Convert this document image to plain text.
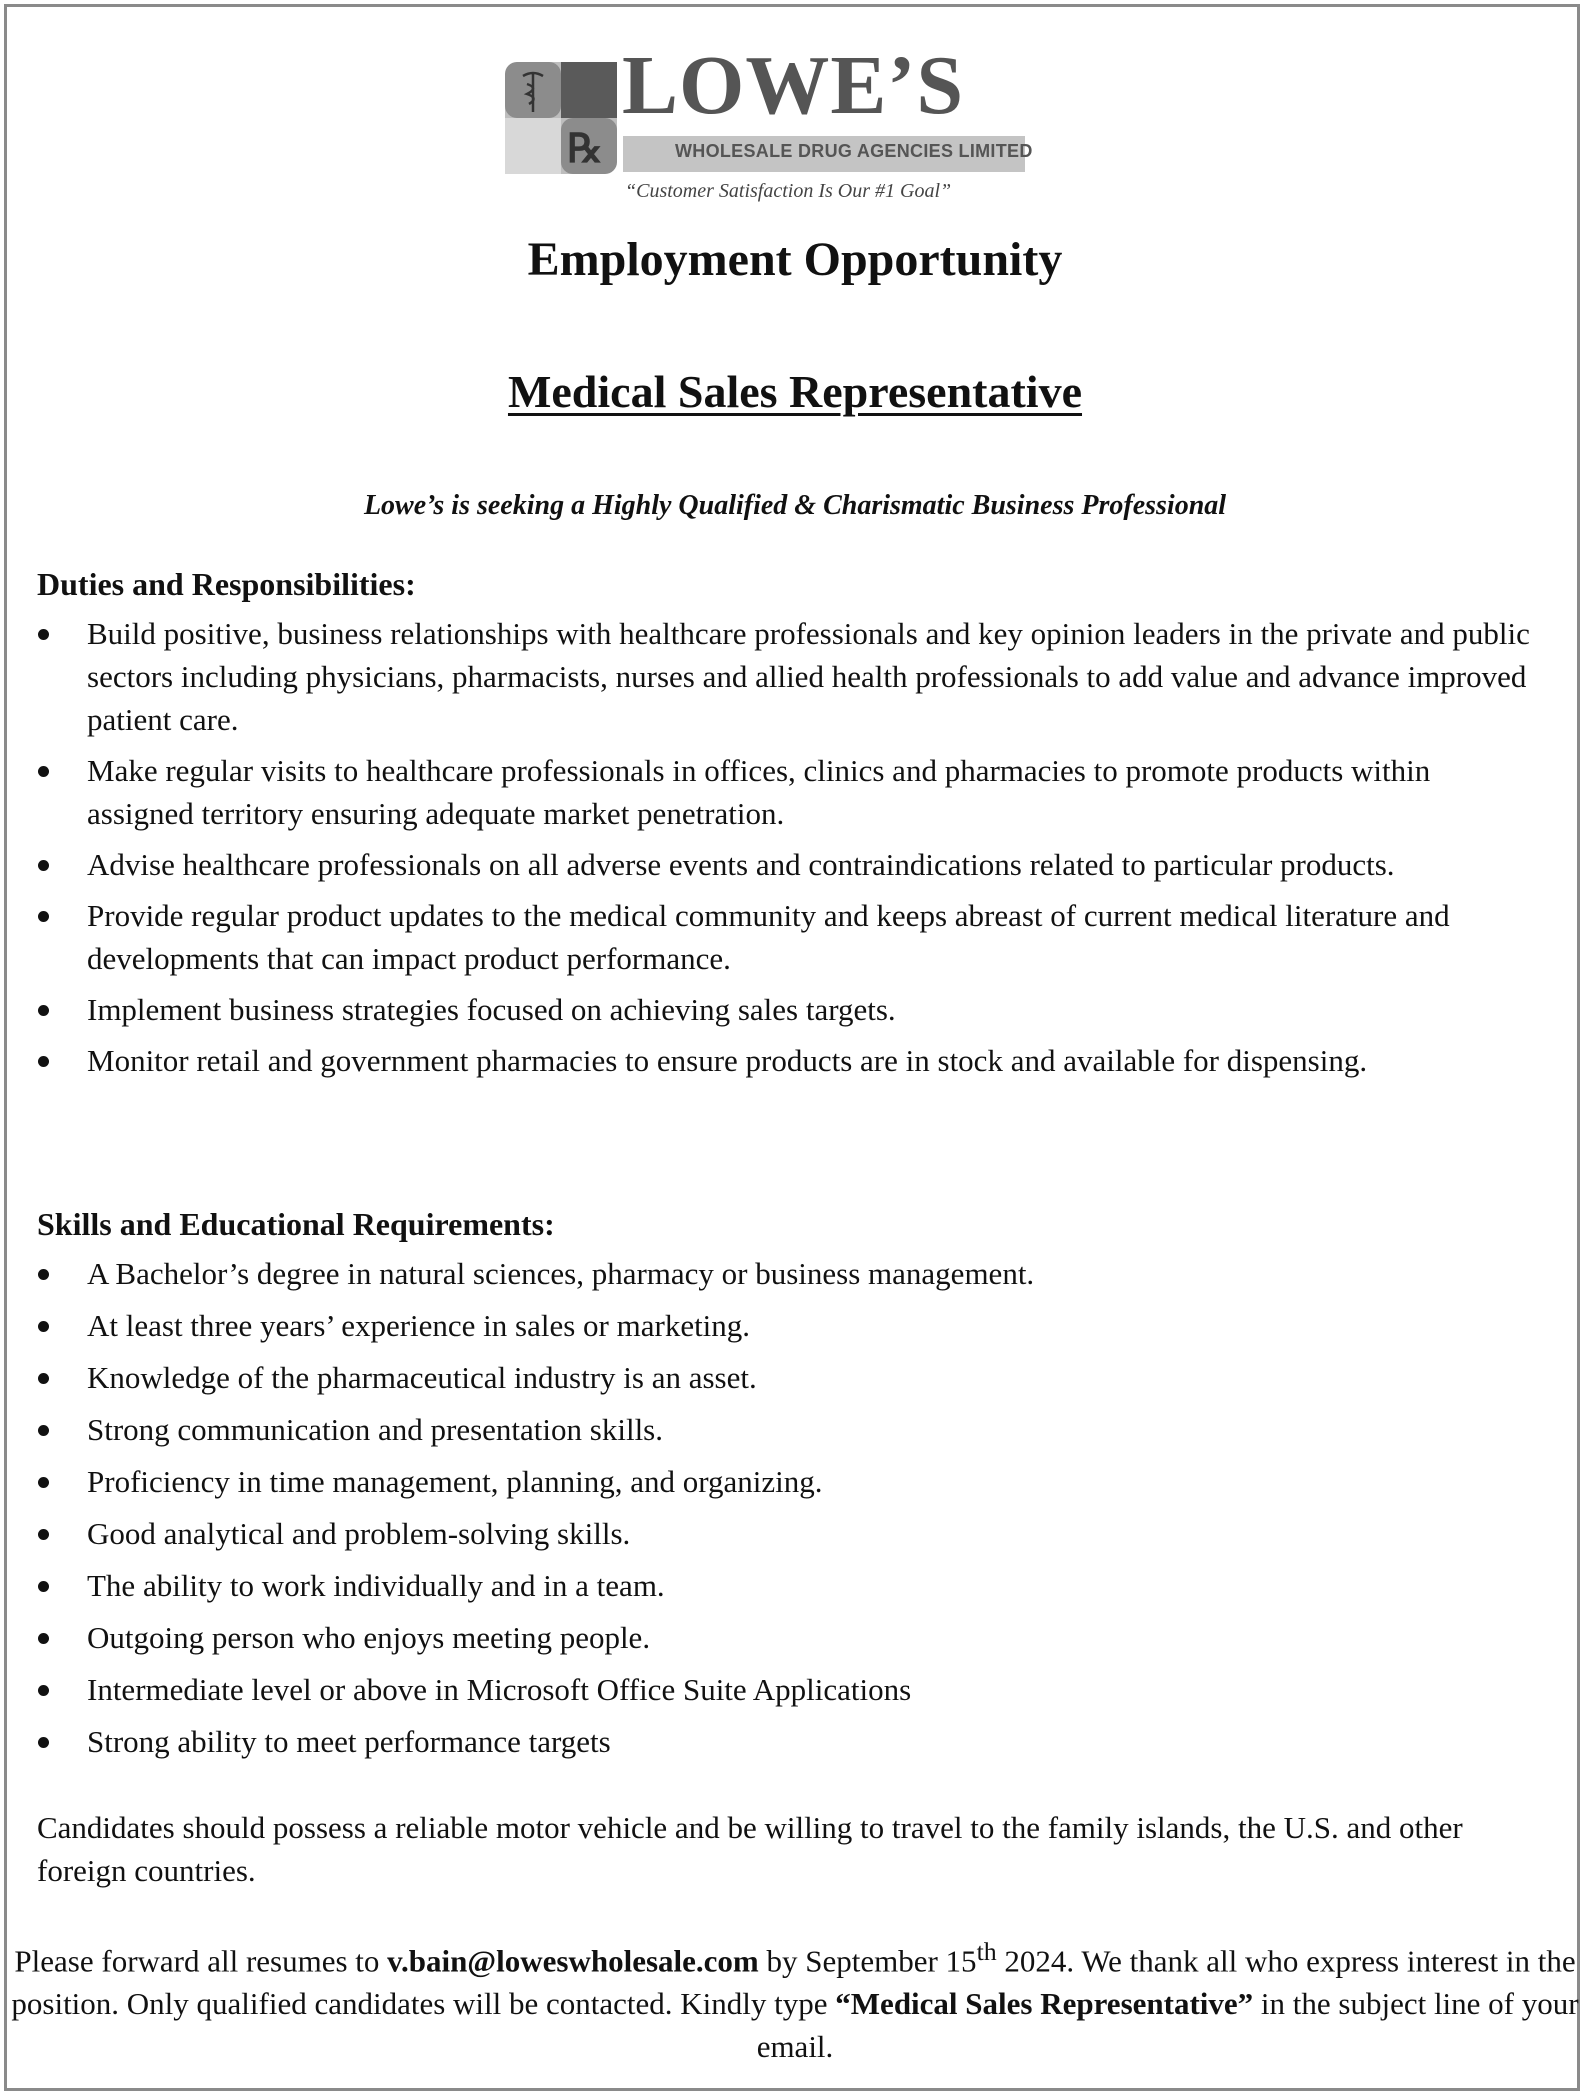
℞
LOWE’S
WHOLESALE DRUG AGENCIES LIMITED
“Customer Satisfaction Is Our #1 Goal”
Employment Opportunity
Medical Sales Representative
Lowe’s is seeking a Highly Qualified & Charismatic Business Professional
Duties and Responsibilities:
Build positive, business relationships with healthcare professionals and key opinion leaders in the private and public sectors including physicians, pharmacists, nurses and allied health professionals to add value and advance improved patient care.
Make regular visits to healthcare professionals in offices, clinics and pharmacies to promote products within assigned territory ensuring adequate market penetration.
Advise healthcare professionals on all adverse events and contraindications related to particular products.
Provide regular product updates to the medical community and keeps abreast of current medical literature and developments that can impact product performance.
Implement business strategies focused on achieving sales targets.
Monitor retail and government pharmacies to ensure products are in stock and available for dispensing.
Skills and Educational Requirements:
A Bachelor’s degree in natural sciences, pharmacy or business management.
At least three years’ experience in sales or marketing.
Knowledge of the pharmaceutical industry is an asset.
Strong communication and presentation skills.
Proficiency in time management, planning, and organizing.
Good analytical and problem-solving skills.
The ability to work individually and in a team.
Outgoing person who enjoys meeting people.
Intermediate level or above in Microsoft Office Suite Applications
Strong ability to meet performance targets
Candidates should possess a reliable motor vehicle and be willing to travel to the family islands, the U.S. and other foreign countries.
Please forward all resumes to v.bain@loweswholesale.com by September 15th 2024. We thank all who express interest in the position. Only qualified candidates will be contacted. Kindly type “Medical Sales Representative” in the subject line of your email.
